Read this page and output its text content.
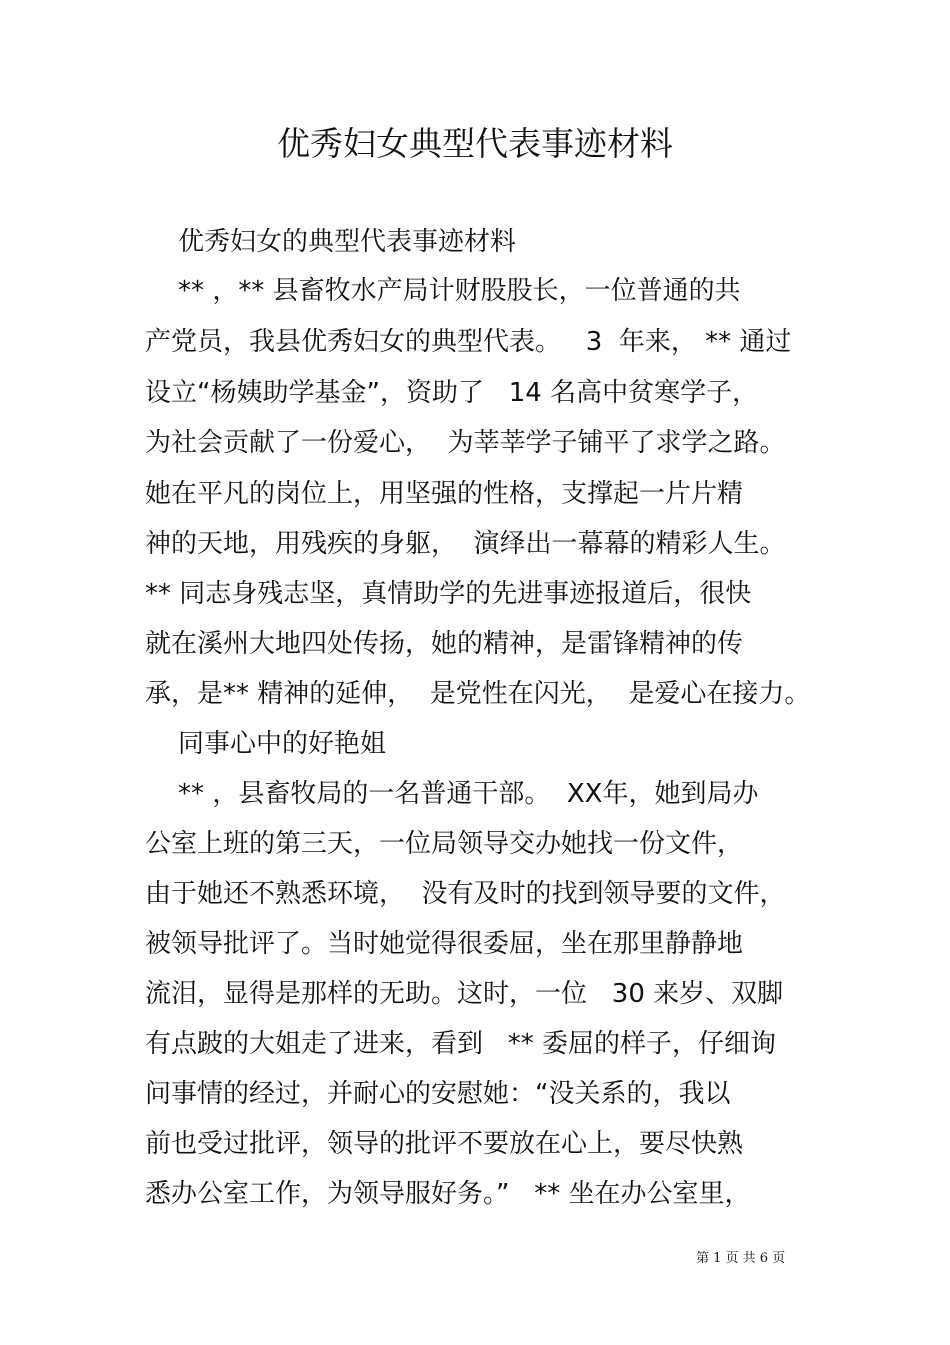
优秀妇女典型代表事迹材料
优秀妇女的典型代表事迹材料
** ，** 县畜牧水产局计财股股长，一位普通的共
产党员，我县优秀妇女的典型代表。   3  年来， ** 通过
设立“杨姨助学基金”，资助了   14 名高中贫寒学子，
为社会贡献了一份爱心，  为莘莘学子铺平了求学之路。
她在平凡的岗位上，用坚强的性格，支撑起一片片精
神的天地，用残疾的身躯，  演绎出一幕幕的精彩人生。
** 同志身残志坚，真情助学的先进事迹报道后，很快
就在溪州大地四处传扬，她的精神，是雷锋精神的传
承，是** 精神的延伸，  是党性在闪光，  是爱心在接力。
同事心中的好艳姐
** ，县畜牧局的一名普通干部。  XX年，她到局办
公室上班的第三天，一位局领导交办她找一份文件，
由于她还不熟悉环境，  没有及时的找到领导要的文件，
被领导批评了。当时她觉得很委屈，坐在那里静静地
流泪，显得是那样的无助。这时，一位   30 来岁、双脚
有点跛的大姐走了进来，看到   ** 委屈的样子，仔细询
问事情的经过，并耐心的安慰她：“没关系的，我以
前也受过批评，领导的批评不要放在心上，要尽快熟
悉办公室工作，为领导服好务。”   ** 坐在办公室里，
第 1 页 共 6 页
